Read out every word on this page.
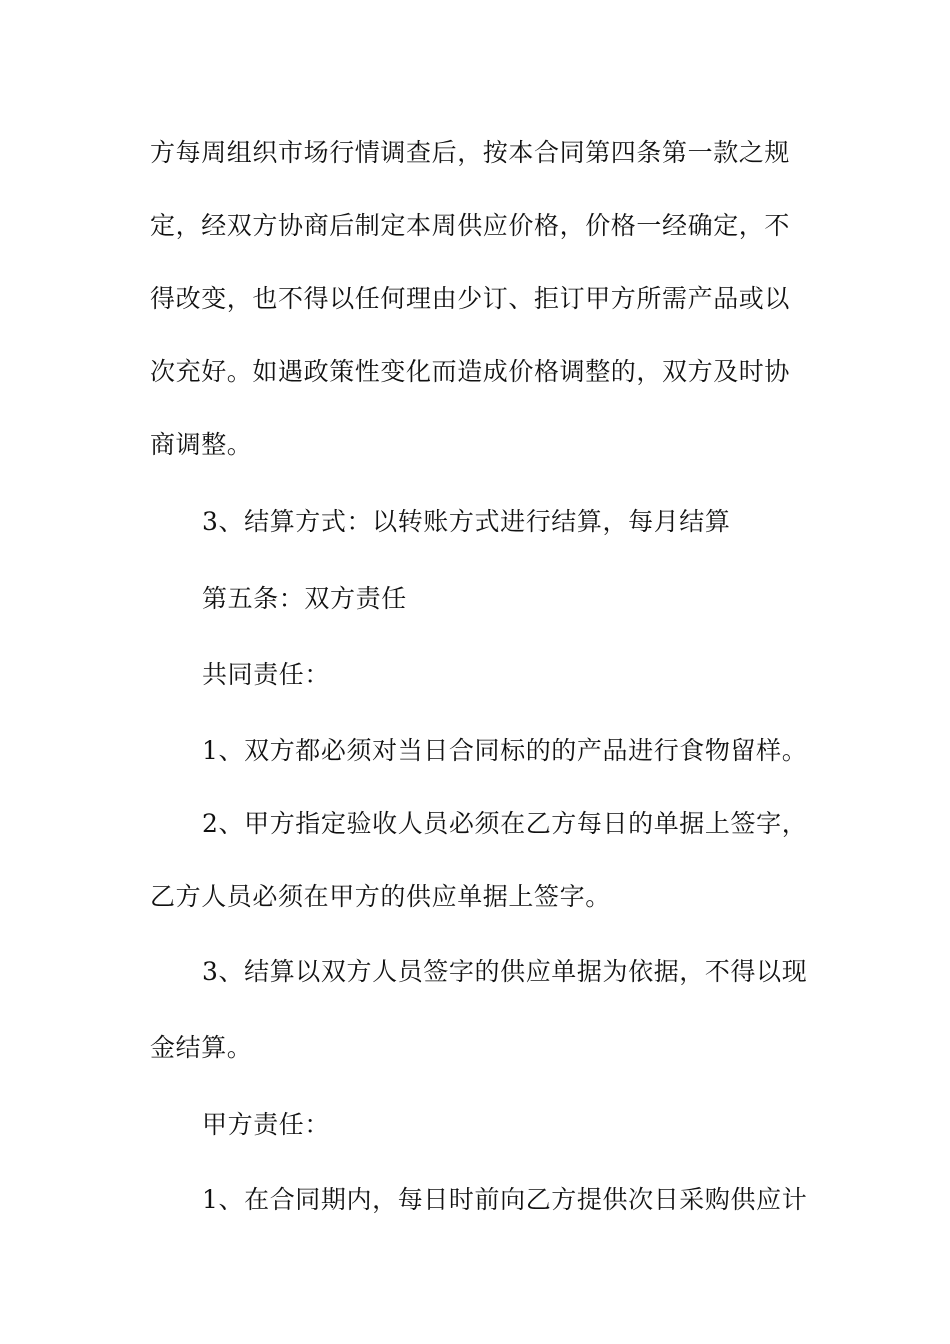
方每周组织市场行情调查后，按本合同第四条第一款之规
定，经双方协商后制定本周供应价格，价格一经确定，不
得改变，也不得以任何理由少订、拒订甲方所需产品或以
次充好。如遇政策性变化而造成价格调整的，双方及时协
商调整。
3、结算方式：以转账方式进行结算，每月结算
第五条：双方责任
共同责任：
1、双方都必须对当日合同标的的产品进行食物留样。
2、甲方指定验收人员必须在乙方每日的单据上签字，
乙方人员必须在甲方的供应单据上签字。
3、结算以双方人员签字的供应单据为依据，不得以现
金结算。
甲方责任：
1、在合同期内，每日时前向乙方提供次日采购供应计
